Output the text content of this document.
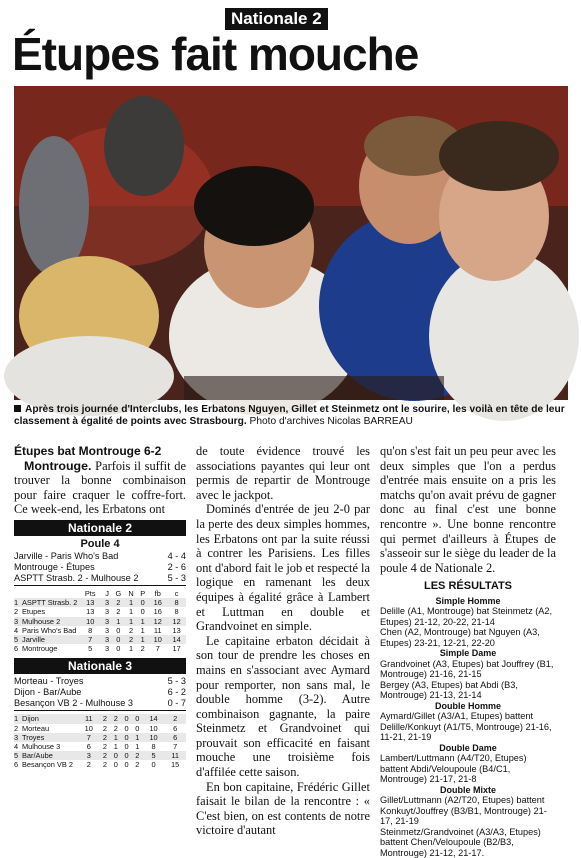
Nationale 2
Étupes fait mouche
Après trois journée d'Interclubs, les Erbatons Nguyen, Gillet et Steinmetz ont le sourire, les voilà en tête de leur classement à égalité de points avec Strasbourg. Photo d'archives Nicolas BARREAU
Étupes bat Montrouge 6-2

Montrouge. Parfois il suffit de trouver la bonne combinaison pour faire craquer le coffre-fort. Ce week-end, les Erbatons ont

Nationale 2
Poule 4
Jarville - Paris Who's Bad	4 - 4
Montrouge - Étupes	2 - 6
ASPTT Strasb. 2 - Mulhouse 2	5 - 3
		Pts	J	G	N	P	fb	c
1	ASPTT Strasb. 2	13	3	2	1	0	16	8
2	Etupes	13	3	2	1	0	16	8
3	Mulhouse 2	10	3	1	1	1	12	12
4	Paris Who's Bad	8	3	0	2	1	11	13
5	Jarville	7	3	0	2	1	10	14
6	Montrouge	5	3	0	1	2	7	17
Nationale 3
Morteau - Troyes	5 - 3
Dijon - Bar/Aube	6 - 2
Besançon VB 2 - Mulhouse 3	0 - 7
1	Dijon	11	2	2	0	0	14	2
2	Morteau	10	2	2	0	0	10	6
3	Troyes	7	2	1	0	1	10	6
4	Mulhouse 3	6	2	1	0	1	8	7
5	Bar/Aube	3	2	0	0	2	5	11
6	Besançon VB 2	2	2	0	0	2	0	15

de toute évidence trouvé les associations payantes qui leur ont permis de repartir de Montrouge avec le jackpot.

Dominés d'entrée de jeu 2-0 par la perte des deux simples hommes, les Erbatons ont par la suite réussi à contrer les Parisiens. Les filles ont d'abord fait le job et respecté la logique en ramenant les deux équipes à égalité grâce à Lambert et Luttman en double et Grandvoinet en simple.

Le capitaine erbaton décidait à son tour de prendre les choses en mains en s'associant avec Aymard pour remporter, non sans mal, le double homme (3-2). Autre combinaison gagnante, la paire Steinmetz et Grandvoinet qui prouvait son efficacité en faisant mouche une troisième fois d'affilée cette saison.

En bon capitaine, Frédéric Gillet faisait le bilan de la rencontre : « C'est bien, on est contents de notre victoire d'autant

qu'on s'est fait un peu peur avec les deux simples que l'on a perdus d'entrée mais ensuite on a pris les matchs qu'on avait prévu de gagner donc au final c'est une bonne rencontre ». Une bonne rencontre qui permet d'ailleurs à Étupes de s'asseoir sur le siège du leader de la poule 4 de Nationale 2.

LES RÉSULTATS
Simple Homme
Delille (A1, Montrouge) bat Steinmetz (A2, Etupes) 21-12, 20-22, 21-14
Chen (A2, Montrouge) bat Nguyen (A3, Etupes) 23-21, 12-21, 22-20
Simple Dame
Grandvoinet (A3, Etupes) bat Jouffrey (B1, Montrouge) 21-16, 21-15
Bergey (A3, Etupes) bat Abdi (B3, Montrouge) 21-13, 21-14
Double Homme
Aymard/Gillet (A3/A1, Etupes) battent Delille/Konkuyt (A1/T5, Montrouge) 21-16, 11-21, 21-19
Double Dame
Lambert/Luttmann (A4/T20, Etupes) battent Abdi/Veloupoule (B4/C1, Montrouge) 21-17, 21-8
Double Mixte
Gillet/Luttmann (A2/T20, Etupes) battent Konkuyt/Jouffrey (B3/B1, Montrouge) 21-17, 21-19
Steinmetz/Grandvoinet (A3/A3, Etupes) battent Chen/Veloupoule (B2/B3, Montrouge) 21-12, 21-17.
